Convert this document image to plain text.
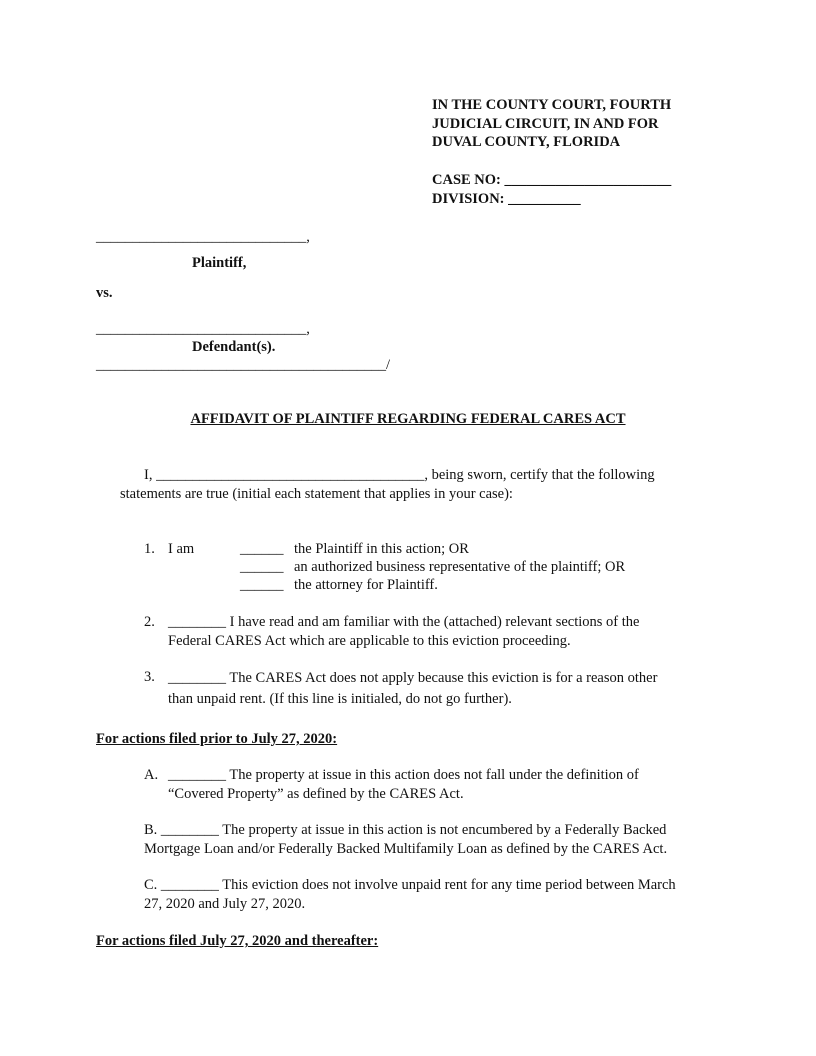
IN THE COUNTY COURT, FOURTH
JUDICIAL CIRCUIT, IN AND FOR
DUVAL COUNTY, FLORIDA
CASE NO: _______________________
DIVISION: __________
_____________________________,
Plaintiff,
vs.
_____________________________,
Defendant(s).
________________________________________/
AFFIDAVIT OF PLAINTIFF REGARDING FEDERAL CARES ACT
I, _____________________________________, being sworn, certify that the following
statements are true (initial each statement that applies in your case):
1. I am	______ the Plaintiff in this action; OR
______ an authorized business representative of the plaintiff; OR
______ the attorney for Plaintiff.
2. ________ I have read and am familiar with the (attached) relevant sections of the
Federal CARES Act which are applicable to this eviction proceeding.
3. ________ The CARES Act does not apply because this eviction is for a reason other
than unpaid rent. (If this line is initialed, do not go further).
For actions filed prior to July 27, 2020:
A. ________ The property at issue in this action does not fall under the definition of
“Covered Property” as defined by the CARES Act.
B. ________ The property at issue in this action is not encumbered by a Federally Backed
Mortgage Loan and/or Federally Backed Multifamily Loan as defined by the CARES Act.
C. ________ This eviction does not involve unpaid rent for any time period between March
27, 2020 and July 27, 2020.
For actions filed July 27, 2020 and thereafter:
